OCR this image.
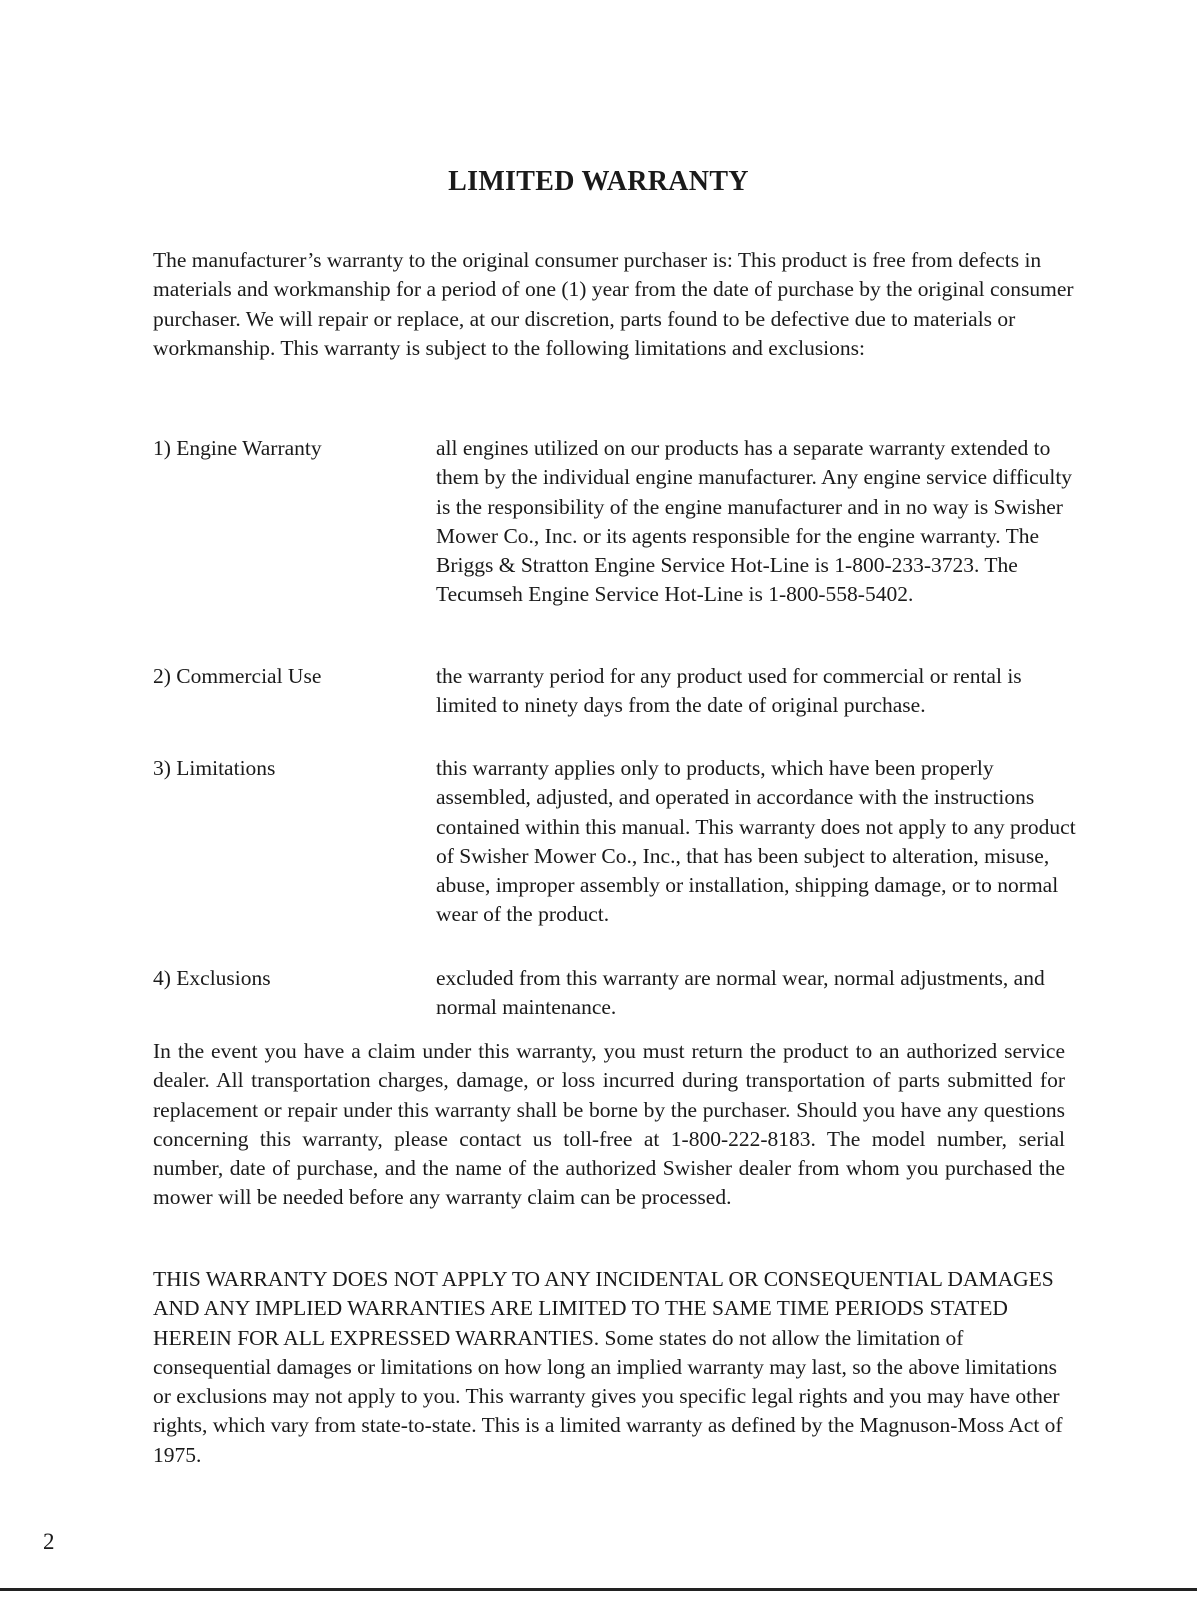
LIMITED WARRANTY

The manufacturer’s warranty to the original consumer purchaser is: This product is free from defects in materials and workmanship for a period of one (1) year from the date of purchase by the original consumer purchaser. We will repair or replace, at our discretion, parts found to be defective due to materials or workmanship. This warranty is subject to the following limitations and exclusions:

1) Engine Warranty	all engines utilized on our products has a separate warranty extended to them by the individual engine manufacturer. Any engine service difficulty is the responsibility of the engine manufacturer and in no way is Swisher Mower Co., Inc. or its agents responsible for the engine warranty. The Briggs & Stratton Engine Service Hot-Line is 1-800-233-3723. The Tecumseh Engine Service Hot-Line is 1-800-558-5402.
2) Commercial Use	the warranty period for any product used for commercial or rental is limited to ninety days from the date of original purchase.
3) Limitations	this warranty applies only to products, which have been properly assembled, adjusted, and operated in accordance with the instructions contained within this manual. This warranty does not apply to any product of Swisher Mower Co., Inc., that has been subject to alteration, misuse, abuse, improper assembly or installation, shipping damage, or to normal wear of the product.
4) Exclusions	excluded from this warranty are normal wear, normal adjustments, and normal maintenance.

In the event you have a claim under this warranty, you must return the product to an authorized service dealer. All transportation charges, damage, or loss incurred during transportation of parts submitted for replacement or repair under this warranty shall be borne by the purchaser. Should you have any questions concerning this warranty, please contact us toll-free at 1-800-222-8183. The model number, serial number, date of purchase, and the name of the authorized Swisher dealer from whom you purchased the mower will be needed before any warranty claim can be processed.

THIS WARRANTY DOES NOT APPLY TO ANY INCIDENTAL OR CONSEQUENTIAL DAMAGES AND ANY IMPLIED WARRANTIES ARE LIMITED TO THE SAME TIME PERIODS STATED HEREIN FOR ALL EXPRESSED WARRANTIES. Some states do not allow the limitation of consequential damages or limitations on how long an implied warranty may last, so the above limitations or exclusions may not apply to you. This warranty gives you specific legal rights and you may have other rights, which vary from state-to-state. This is a limited warranty as defined by the Magnuson-Moss Act of 1975.

2
